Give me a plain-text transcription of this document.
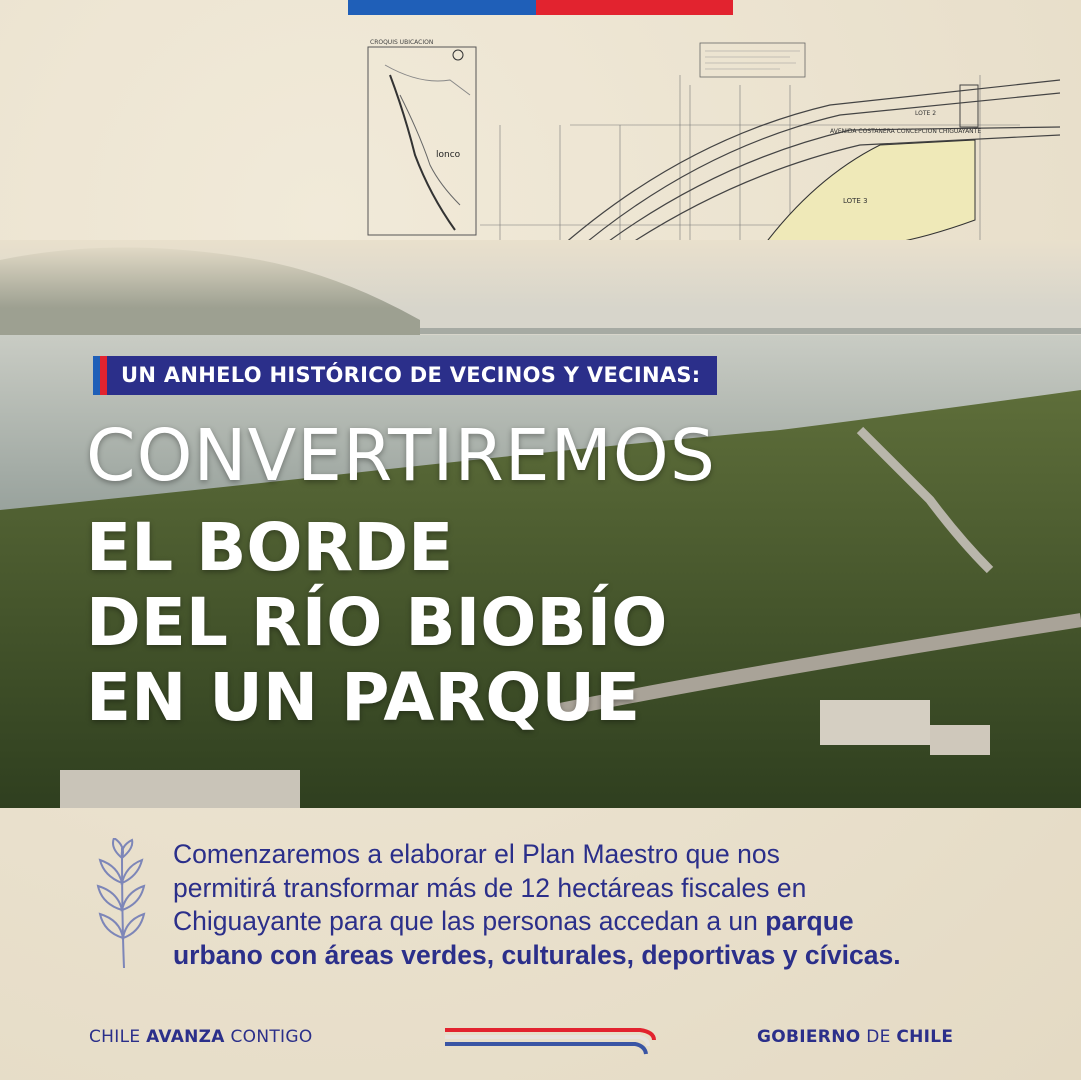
CROQUIS UBICACION
lonco
AVENIDA COSTANERA CONCEPCION CHIGUAYANTE
LOTE 3
LOTE 2
UN ANHELO HISTÓRICO DE VECINOS Y VECINAS:
CONVERTIREMOS
EL BORDE
DEL RÍO BIOBÍO
EN UN PARQUE
Comenzaremos a elaborar el Plan Maestro que nos
permitirá transformar más de 12 hectáreas fiscales en
Chiguayante para que las personas accedan a un parque
urbano con áreas verdes, culturales, deportivas y cívicas.
CHILE AVANZA CONTIGO	GOBIERNO DE CHILE
